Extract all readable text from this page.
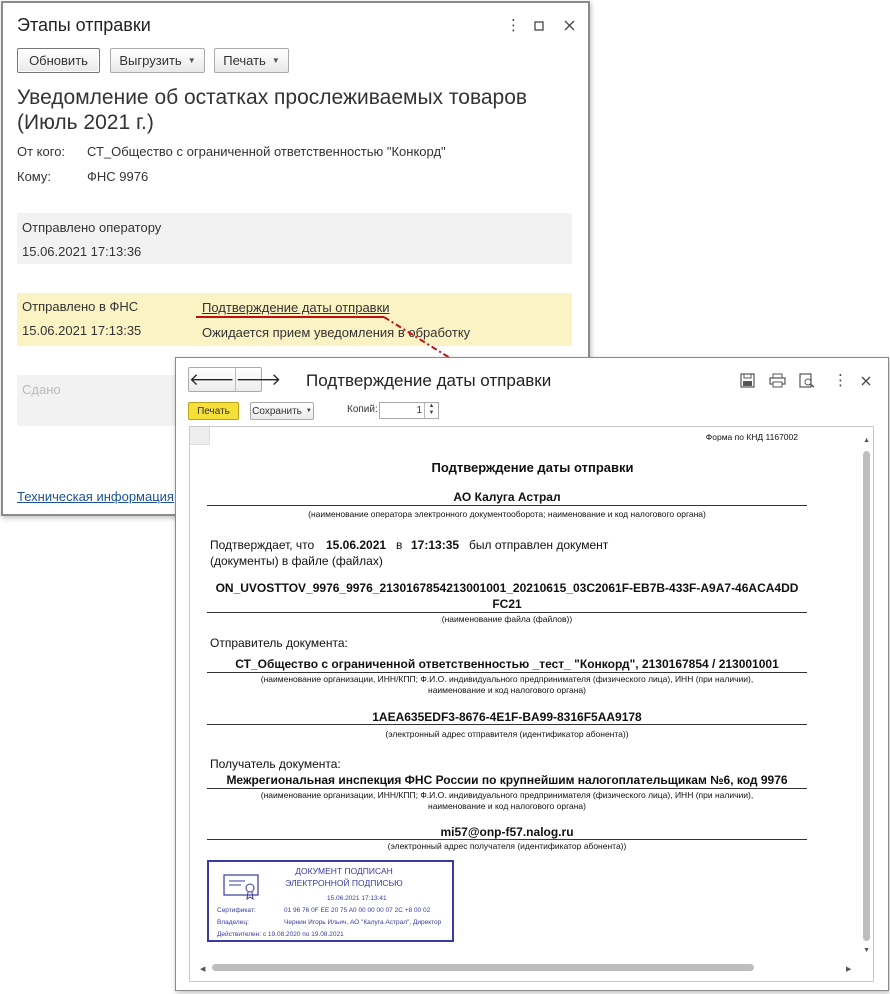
Этапы отправки	⋮
Обновить Выгрузить ▼ Печать ▼
Уведомление об остатках прослеживаемых товаров (Июль 2021 г.)
От кого: СТ_Общество с ограниченной ответственностью "Конкорд"
Кому:	ФНС 9976
Отправлено оператору
15.06.2021 17:13:36
Отправлено в ФНС
15.06.2021 17:13:35
Подтверждение даты отправки
Ожидается прием уведомления в обработку
Сдано
Техническая информация
🡐 🡒 Подтверждение даты отправки	⋮
Печать Сохранить ▼	Копий:	1	▲
▼
Форма по КНД 1167002
Подтверждение даты отправки
АО Калуга Астрал
(наименование оператора электронного документооборота; наименование и код налогового органа)
Подтверждает, что 15.06.2021 в 17:13:35 был отправлен документ
(документы) в файле (файлах)
ON_UVOSTTOV_9976_9976_2130167854213001001_20210615_03C2061F-EB7B-433F-A9A7-46ACA4DD
FC21
(наименование файла (файлов))
Отправитель документа:
СТ_Общество с ограниченной ответственностью _тест_ "Конкорд", 2130167854 / 213001001
(наименование организации, ИНН/КПП; Ф.И.О. индивидуального предпринимателя (физического лица), ИНН (при наличии),
наименование и код налогового органа)
1AEA635EDF3-8676-4E1F-BA99-8316F5AA9178
(электронный адрес отправителя (идентификатор абонента))
Получатель документа:
Межрегиональная инспекция ФНС России по крупнейшим налогоплательщикам №6, код 9976
(наименование организации, ИНН/КПП; Ф.И.О. индивидуального предпринимателя (физического лица), ИНН (при наличии),
наименование и код налогового органа)
mi57@onp-f57.nalog.ru
(электронный адрес получателя (идентификатор абонента))
ДОКУМЕНТ ПОДПИСАН
ЭЛЕКТРОННОЙ ПОДПИСЬЮ
15.06.2021 17:13:41
Сертификат:	01 96 76 0F EE 20 75 A0 00 00 00 07 2C +8 00 02
Владелец:	Чернин Игорь Ильич, АО "Калуга Астрал", Директор
Действителен: с 19.08.2020 по 19.08.2021
▲
▼
◀	▶
